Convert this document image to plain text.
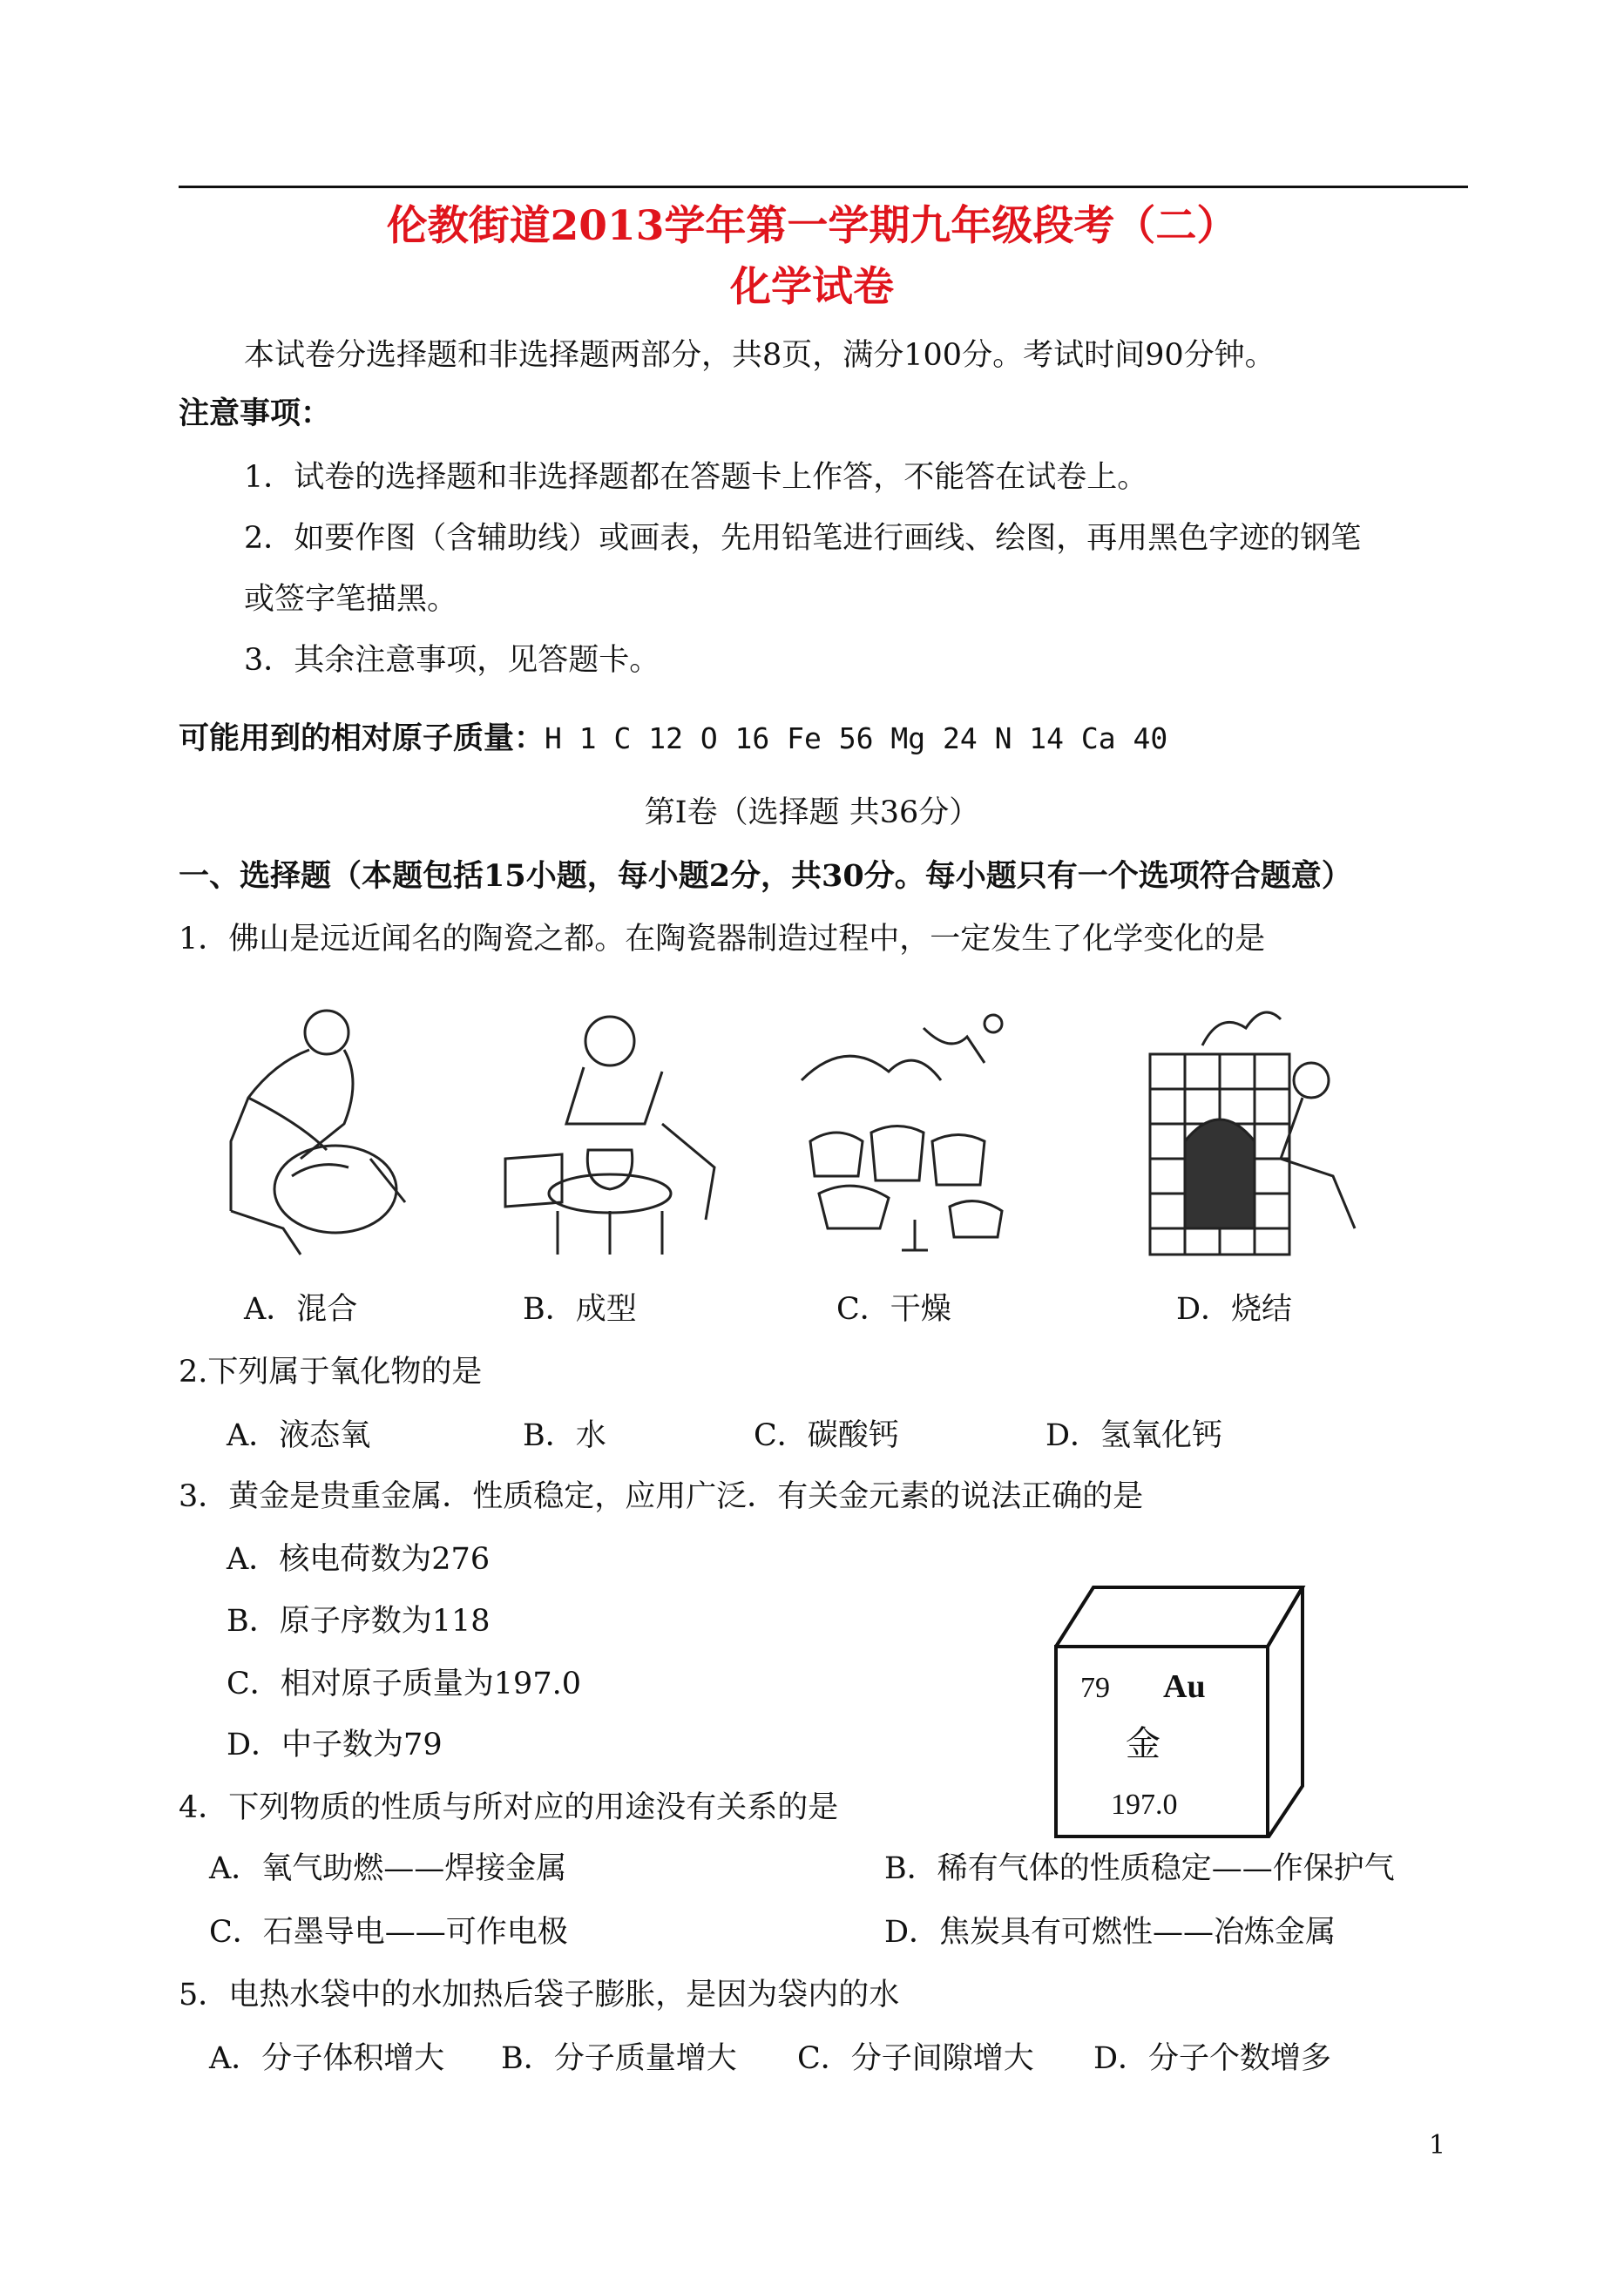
伦教街道2013学年第一学期九年级段考（二）
化学试卷
本试卷分选择题和非选择题两部分，共8页，满分100分。考试时间90分钟。
注意事项：
1．试卷的选择题和非选择题都在答题卡上作答，不能答在试卷上。
2．如要作图（含辅助线）或画表，先用铅笔进行画线、绘图，再用黑色字迹的钢笔
或签字笔描黑。
3．其余注意事项，见答题卡。
可能用到的相对原子质量：H 1 C 12 O 16 Fe 56 Mg 24 N 14 Ca 40
第Ⅰ卷（选择题 共36分）
一、选择题（本题包括15小题，每小题2分，共30分。每小题只有一个选项符合题意）
1．佛山是远近闻名的陶瓷之都。在陶瓷器制造过程中，一定发生了化学变化的是
A．混合	B．成型	C．干燥	D．烧结
2.下列属于氧化物的是
A．液态氧	B．水	C．碳酸钙	D．氢氧化钙
3．黄金是贵重金属．性质稳定，应用广泛．有关金元素的说法正确的是
A．核电荷数为276
B．原子序数为118
C．相对原子质量为197.0
D．中子数为79
79 Au
金
197.0
4．下列物质的性质与所对应的用途没有关系的是
A．氧气助燃——焊接金属	B．稀有气体的性质稳定——作保护气
C．石墨导电——可作电极	D．焦炭具有可燃性——冶炼金属
5．电热水袋中的水加热后袋子膨胀，是因为袋内的水
A．分子体积增大 B．分子质量增大 C．分子间隙增大 D．分子个数增多
1
